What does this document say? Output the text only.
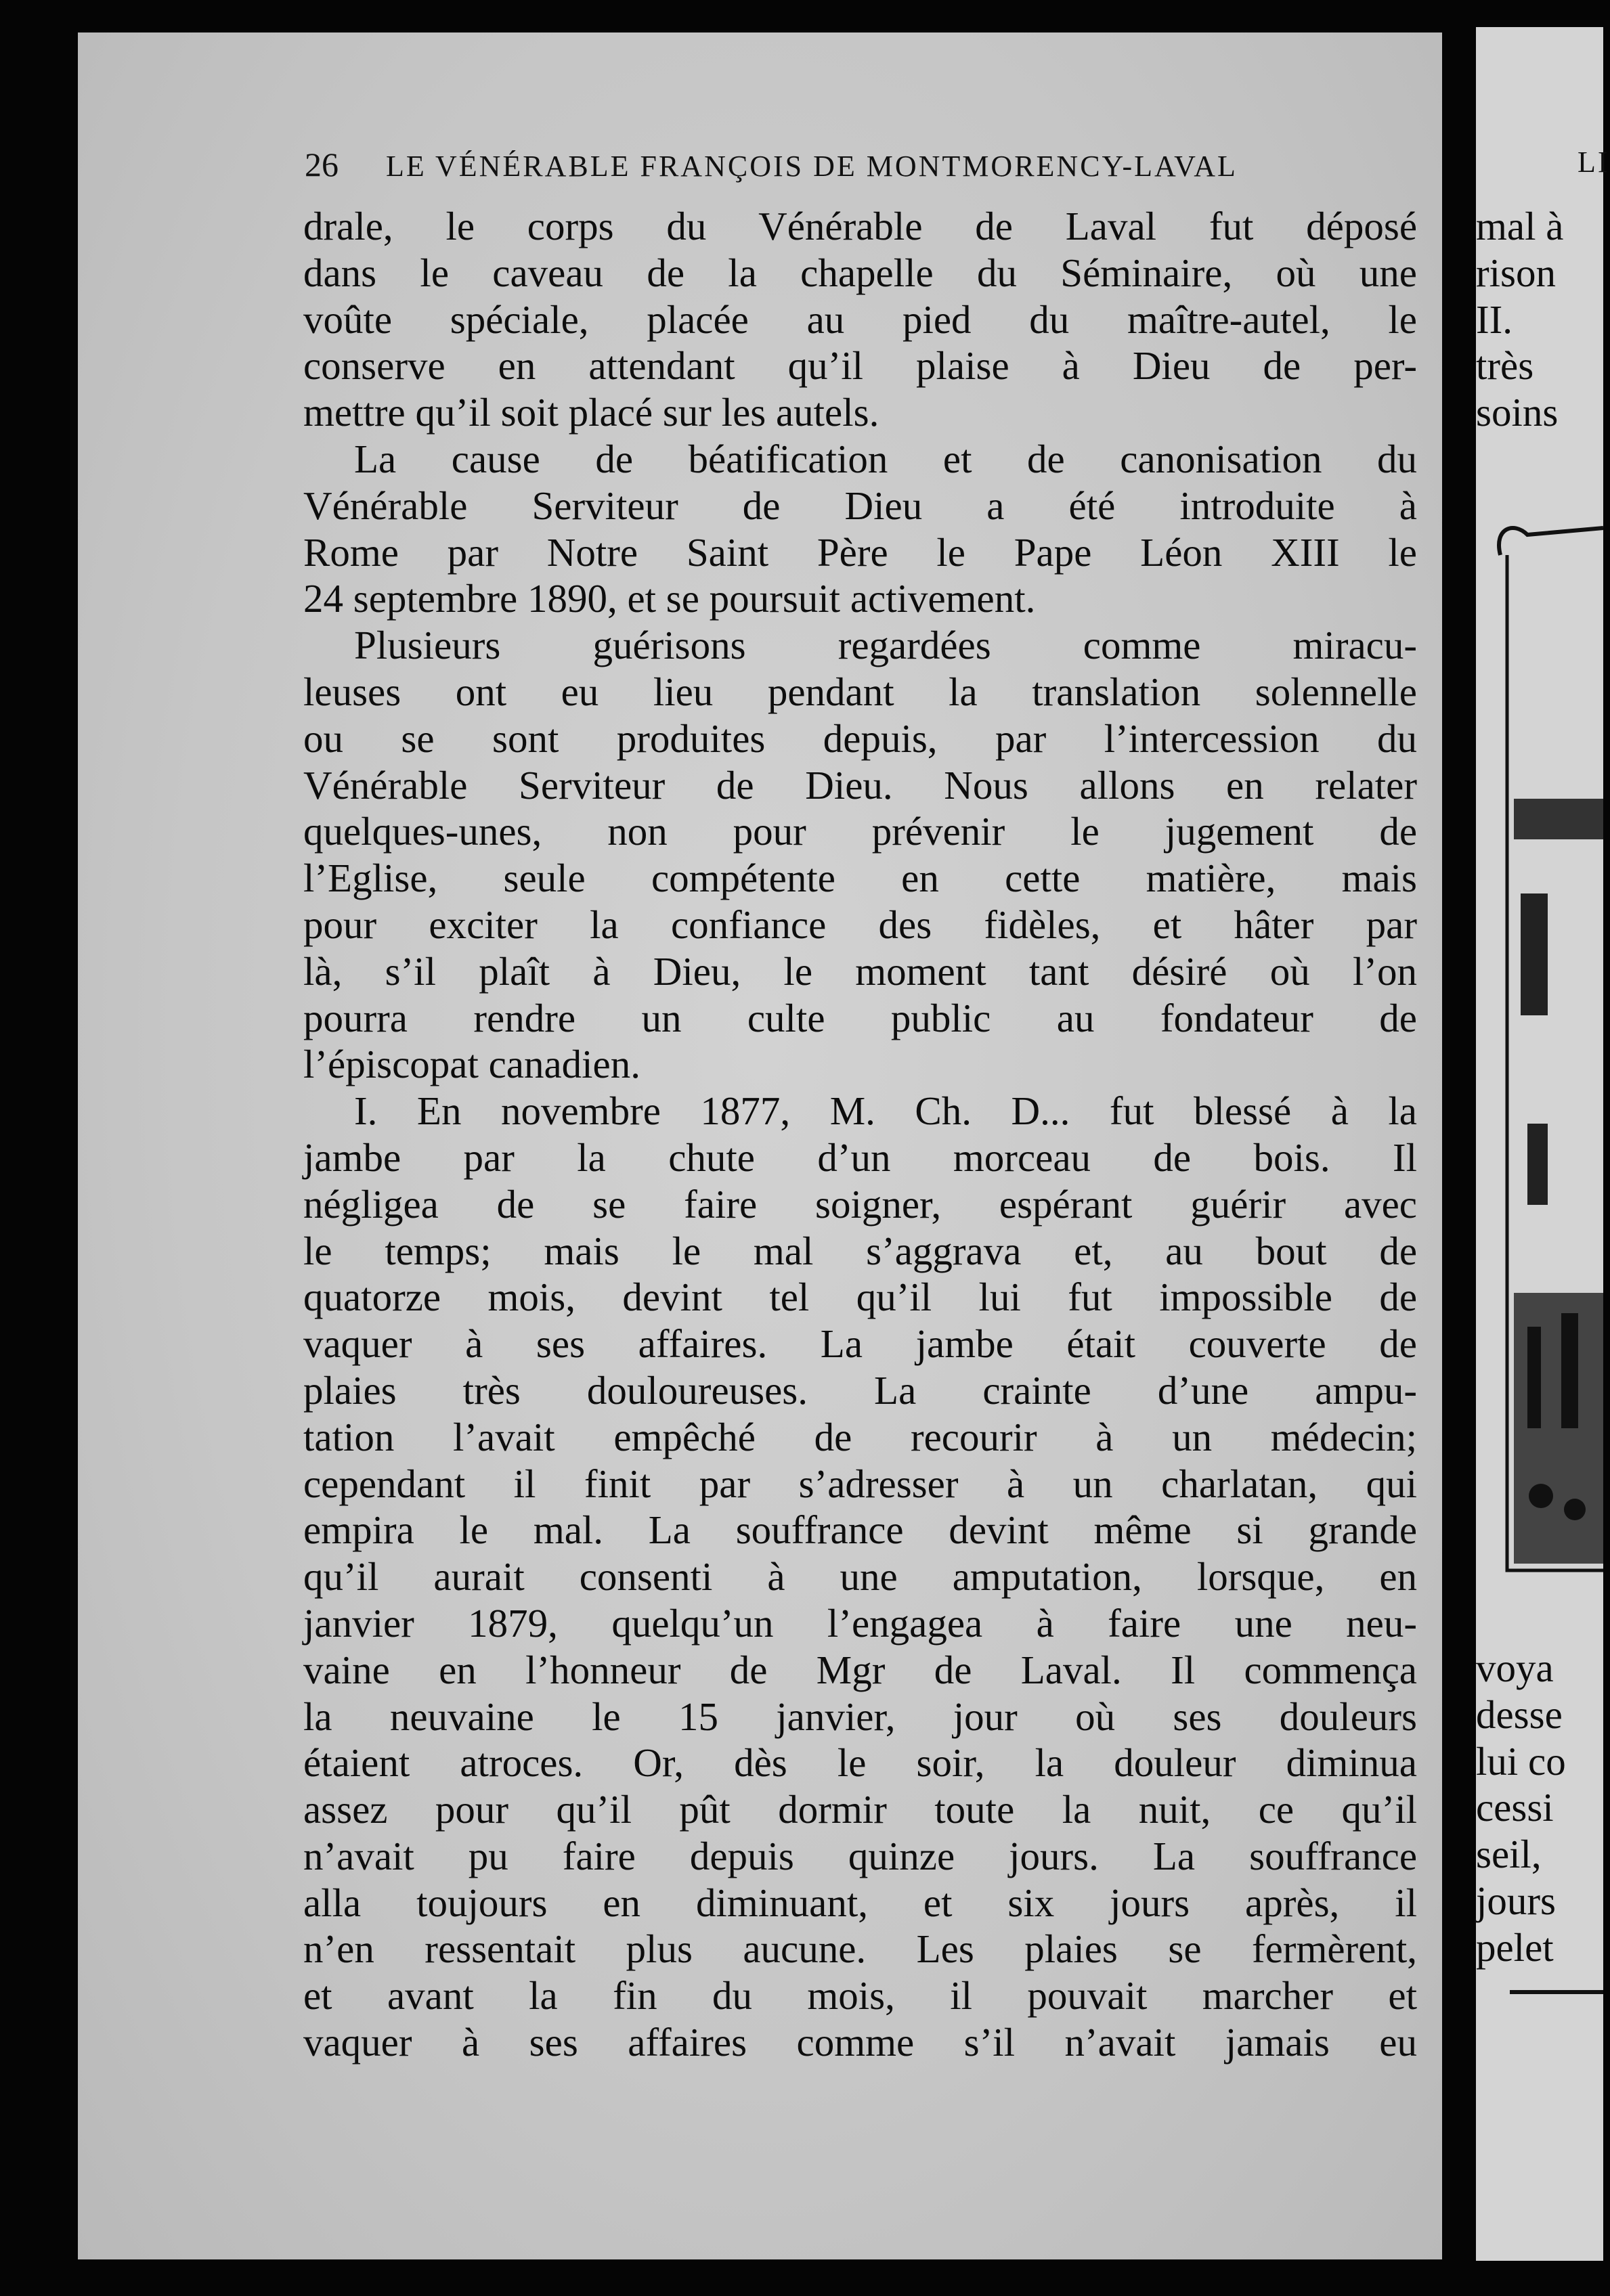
26 LE VÉNÉRABLE FRANÇOIS DE MONTMORENCY-LAVAL
drale, le corps du Vénérable de Laval fut déposé
dans le caveau de la chapelle du Séminaire, où une
voûte spéciale, placée au pied du maître-autel, le
conserve en attendant qu’il plaise à Dieu de per-
mettre qu’il soit placé sur les autels.
La cause de béatification et de canonisation du
Vénérable Serviteur de Dieu a été introduite à
Rome par Notre Saint Père le Pape Léon XIII le
24 septembre 1890, et se poursuit activement.
Plusieurs guérisons regardées comme miracu-
leuses ont eu lieu pendant la translation solennelle
ou se sont produites depuis, par l’intercession du
Vénérable Serviteur de Dieu. Nous allons en relater
quelques-unes, non pour prévenir le jugement de
l’Eglise, seule compétente en cette matière, mais
pour exciter la confiance des fidèles, et hâter par
là, s’il plaît à Dieu, le moment tant désiré où l’on
pourra rendre un culte public au fondateur de
l’épiscopat canadien.
I. En novembre 1877, M. Ch. D... fut blessé à la
jambe par la chute d’un morceau de bois. Il
négligea de se faire soigner, espérant guérir avec
le temps; mais le mal s’aggrava et, au bout de
quatorze mois, devint tel qu’il lui fut impossible de
vaquer à ses affaires. La jambe était couverte de
plaies très douloureuses. La crainte d’une ampu-
tation l’avait empêché de recourir à un médecin;
cependant il finit par s’adresser à un charlatan, qui
empira le mal. La souffrance devint même si grande
qu’il aurait consenti à une amputation, lorsque, en
janvier 1879, quelqu’un l’engagea à faire une neu-
vaine en l’honneur de Mgr de Laval. Il commença
la neuvaine le 15 janvier, jour où ses douleurs
étaient atroces. Or, dès le soir, la douleur diminua
assez pour qu’il pût dormir toute la nuit, ce qu’il
n’avait pu faire depuis quinze jours. La souffrance
alla toujours en diminuant, et six jours après, il
n’en ressentait plus aucune. Les plaies se fermèrent,
et avant la fin du mois, il pouvait marcher et
vaquer à ses affaires comme s’il n’avait jamais eu
LI
mal à
rison
II.
très
soins
voya
desse
lui co
cessi
seil,
jours
pelet
